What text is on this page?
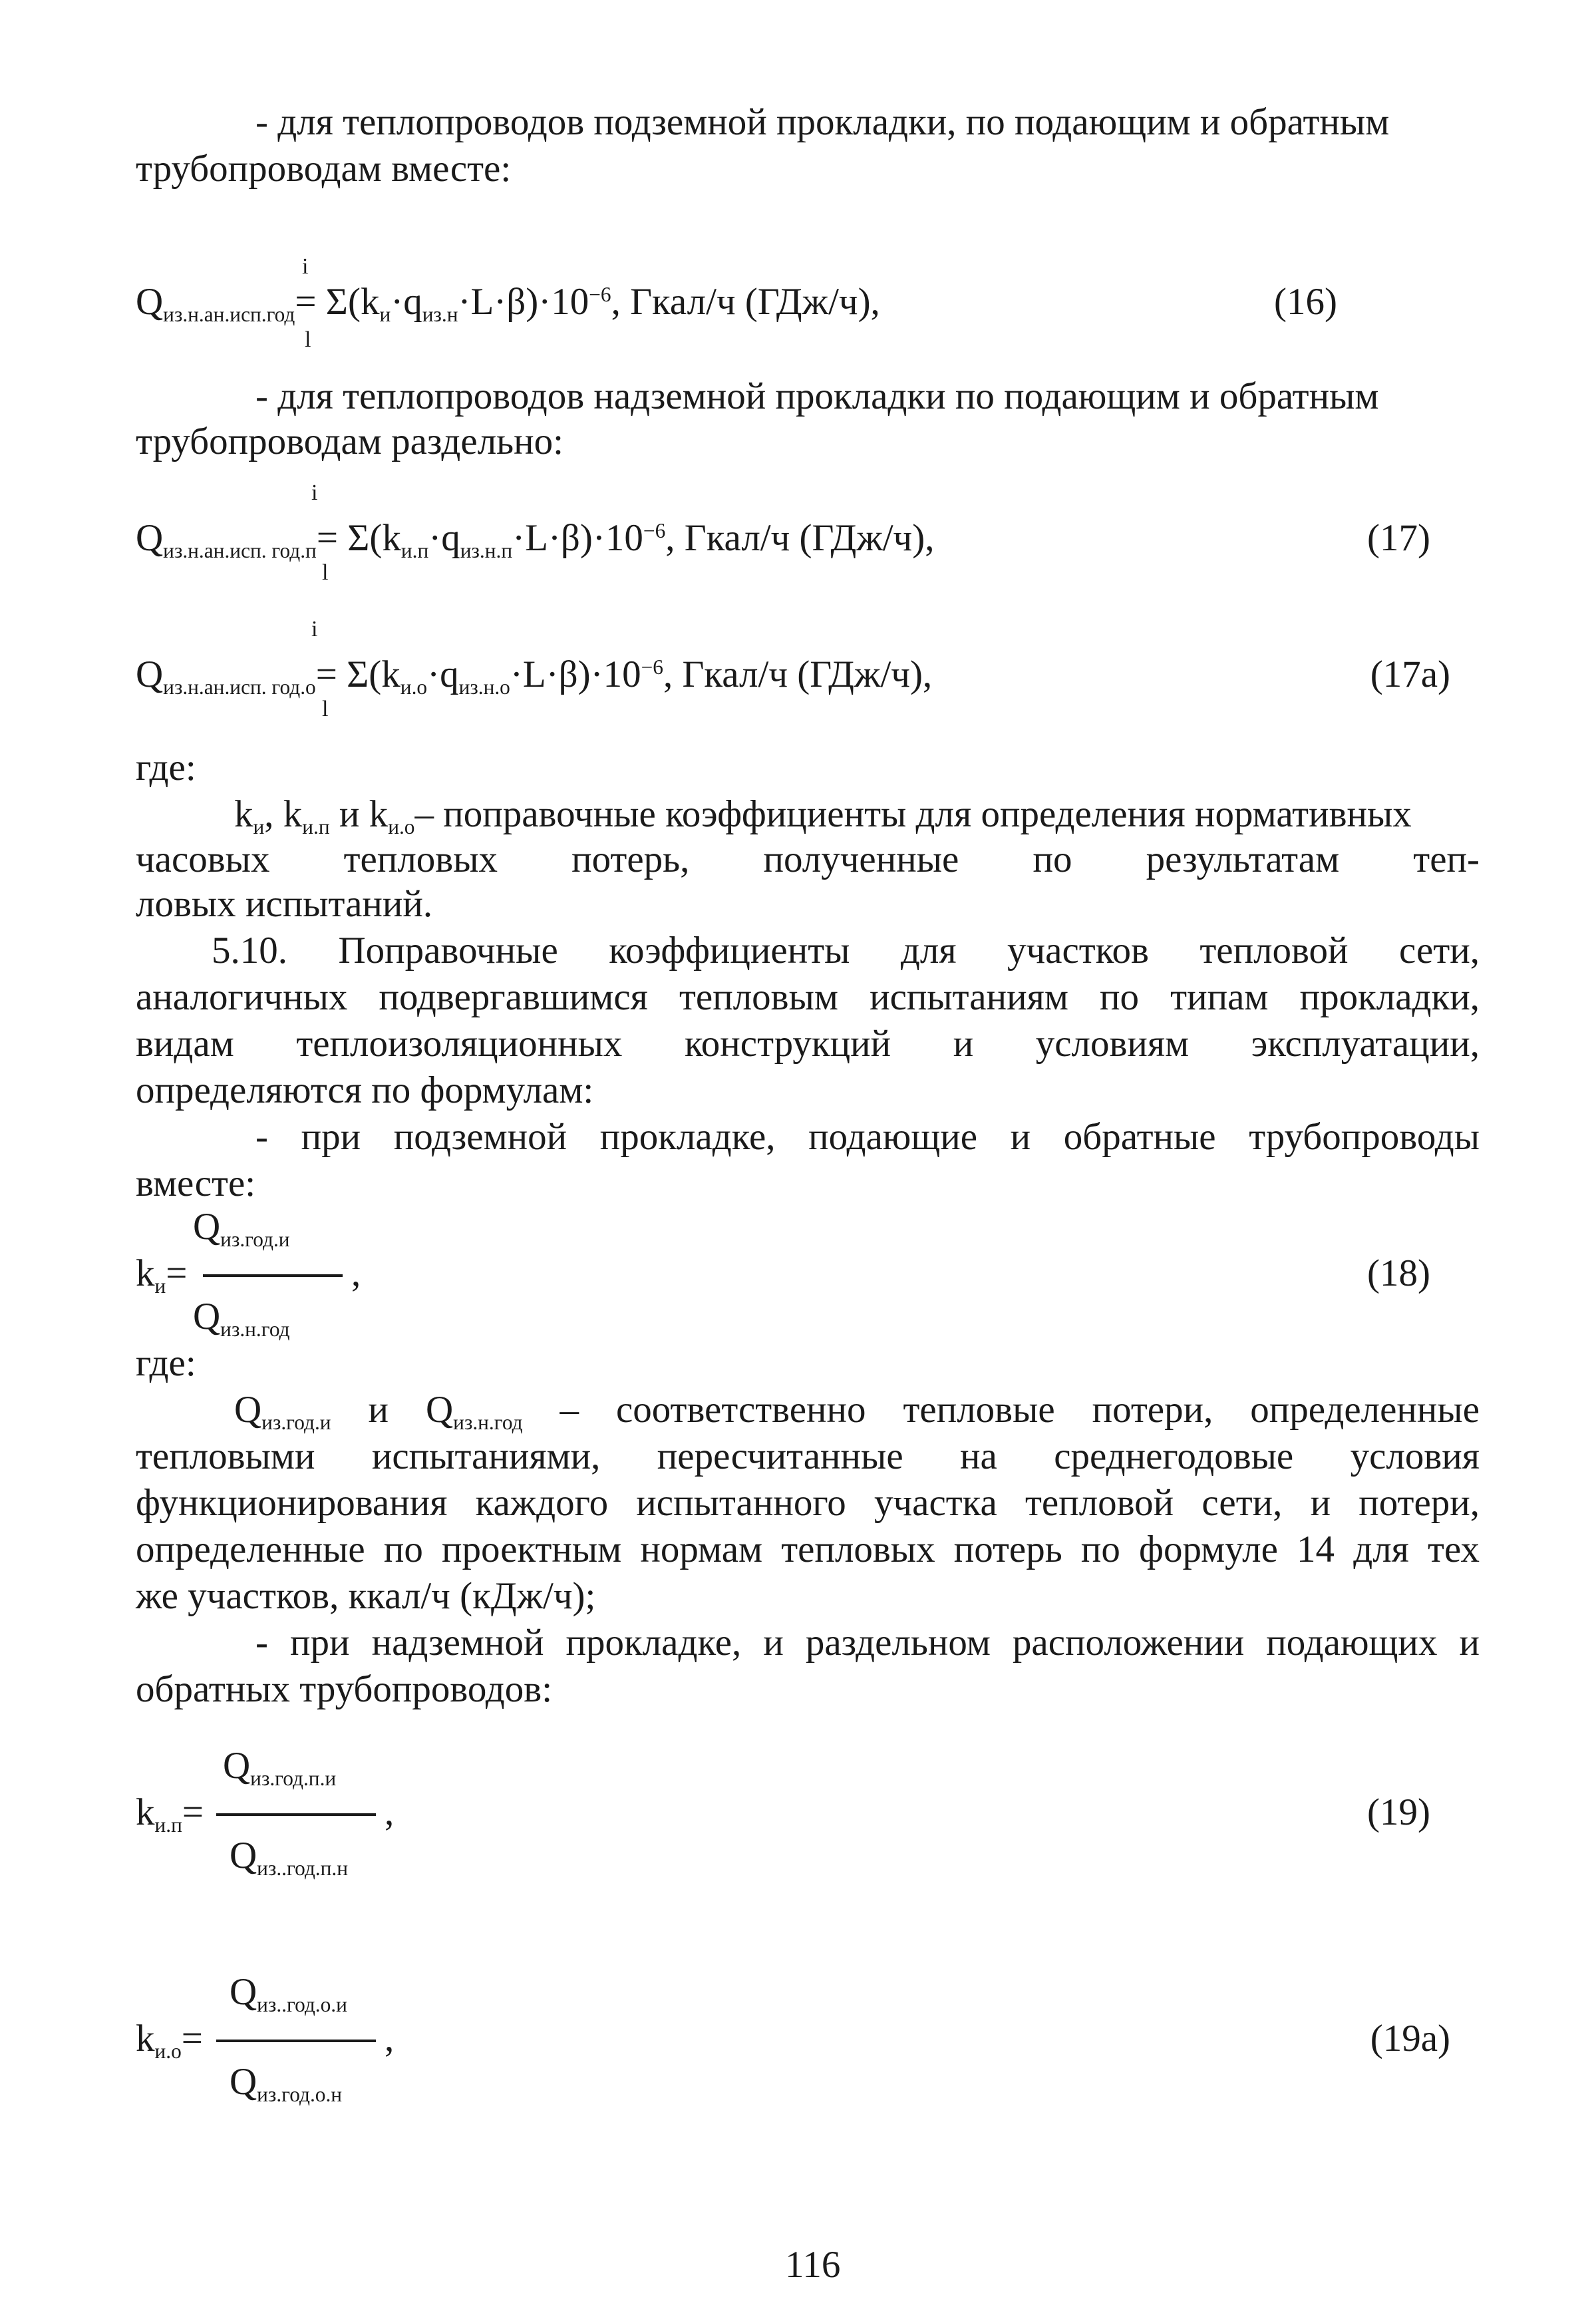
- для теплопроводов подземной прокладки, по подающим и обратным
трубопроводам вместе:
i
$Qиз.н.ан.исп.год= \Sigma(kи\cdot qиз.н\cdot L\cdot\beta)\cdot 10^{-6}$, Гкал/ч (ГДж/ч),
l
(16)
- для теплопроводов надземной прокладки по подающим и обратным
трубопроводам раздельно:
i
Qиз.н.ан.исп. $год.п= \Sigma(kи.п\cdot qиз.н.п\cdot L\cdot\beta)\cdot 10^{-6}$, Гкал/ч (ГДж/ч),
l
(17)
i
Qиз.н.ан.исп. $год.о= \Sigma(kи.о\cdot qиз.н.о\cdot L\cdot\beta)\cdot 10^{-6}$, Гкал/ч (ГДж/ч),
l
(17а)
где:
kи, kи.п и kи.о– поправочные коэффициенты для определения нормативных
часовых тепловых потерь, полученные по результатам теп-
ловых испытаний.
5.10. Поправочные коэффициенты для участков тепловой сети,
аналогичных подвергавшимся тепловым испытаниям по типам прокладки,
видам теплоизоляционных конструкций и условиям эксплуатации,
определяются по формулам:
- при подземной прокладке, подающие и обратные трубопроводы
вместе:
Qиз.год.и
kи=	,
Qиз.н.год
(18)
где:
Qиз.год.и и Qиз.н.год – соответственно тепловые потери, определенные
тепловыми испытаниями, пересчитанные на среднегодовые условия
функционирования каждого испытанного участка тепловой сети, и потери,
определенные по проектным нормам тепловых потерь по формуле 14 для тех
же участков, ккал/ч (кДж/ч);
- при надземной прокладке, и раздельном расположении подающих и
обратных трубопроводов:
Qиз.год.п.и
kи.п=	,
Qиз..год.п.н
(19)
Qиз..год.о.и
kи.о=	,
Qиз.год.о.н
(19а)
116
